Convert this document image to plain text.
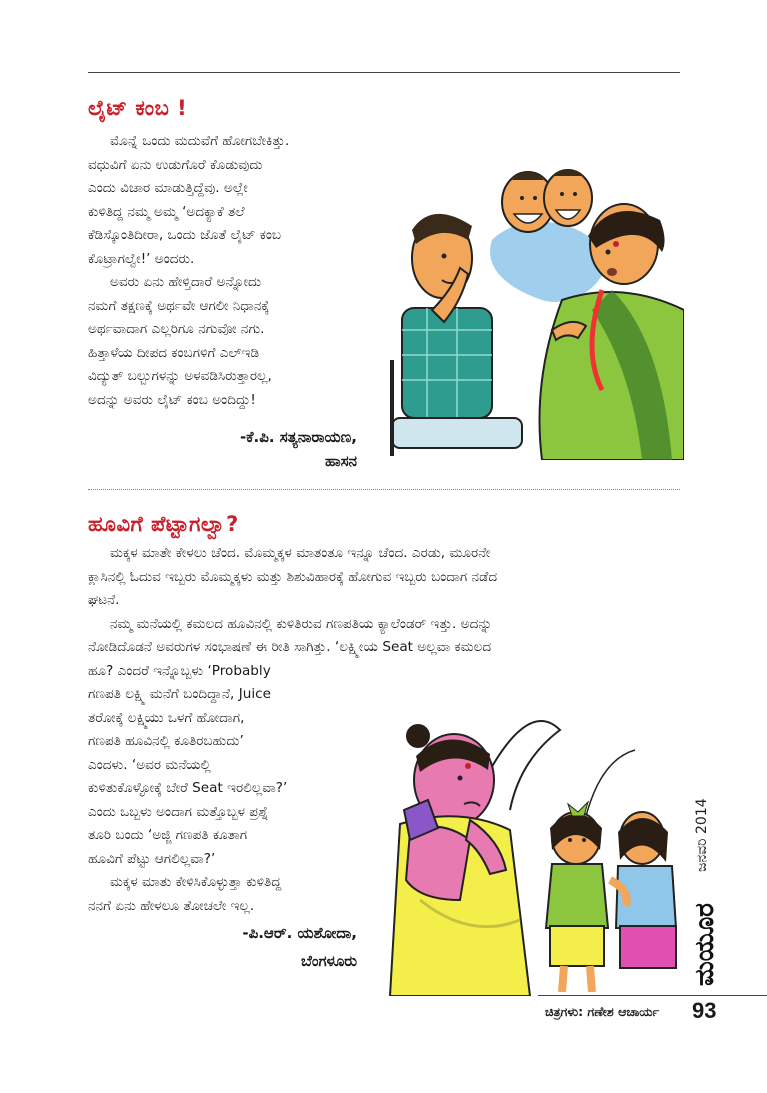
ಲೈಟ್ ಕಂಬ !
ಮೊನ್ನೆ ಒಂದು ಮದುವೆಗೆ ಹೋಗಬೇಕಿತ್ತು.
ವಧುವಿಗೆ ಏನು ಉಡುಗೊರೆ ಕೊಡುವುದು
ಎಂದು ವಿಚಾರ ಮಾಡುತ್ತಿದ್ದೆವು. ಅಲ್ಲೇ
ಕುಳಿತಿದ್ದ ನಮ್ಮ ಅಮ್ಮ ‘ಅದಕ್ಯಾಕೆ ತಲೆ
ಕೆಡಿಸ್ಕೊಂತಿದೀರಾ, ಒಂದು ಜೊತೆ ಲೈಟ್ ಕಂಬ
ಕೊಟ್ರಾಗಲ್ವೇ!’ ಅಂದರು.
ಅವರು ಏನು ಹೇಳ್ತಿದಾರೆ ಅನ್ನೋದು
ನಮಗೆ ತಕ್ಷಣಕ್ಕೆ ಅರ್ಥವೇ ಆಗಲೀ ನಿಧಾನಕ್ಕೆ
ಅರ್ಥವಾದಾಗ ಎಲ್ಲರಿಗೂ ನಗುವೋ ನಗು.
ಹಿತ್ತಾಳೆಯ ದೀಪದ ಕಂಬಗಳಿಗೆ ಎಲ್‌ಇಡಿ
ವಿದ್ಯುತ್ ಬಲ್ಬುಗಳನ್ನು ಅಳವಡಿಸಿರುತ್ತಾರಲ್ಲ,
ಅದನ್ನು ಅವರು ಲೈಟ್ ಕಂಬ ಅಂದಿದ್ದು!
-ಕೆ.ಪಿ. ಸತ್ಯನಾರಾಯಣ,
ಹಾಸನ
ಹೂವಿಗೆ ಪೆಟ್ಟಾಗಲ್ವಾ?
ಮಕ್ಕಳ ಮಾತೇ ಕೇಳಲು ಚೆಂದ. ಮೊಮ್ಮಕ್ಕಳ ಮಾತಂತೂ ಇನ್ನೂ ಚೆಂದ. ಎರಡು, ಮೂರನೇ
ಕ್ಲಾಸಿನಲ್ಲಿ ಓದುವ ಇಬ್ಬರು ಮೊಮ್ಮಕ್ಕಳು ಮತ್ತು ಶಿಶುವಿಹಾರಕ್ಕೆ ಹೋಗುವ ಇಬ್ಬರು ಬಂದಾಗ ನಡೆದ
ಘಟನೆ.
ನಮ್ಮ ಮನೆಯಲ್ಲಿ ಕಮಲದ ಹೂವಿನಲ್ಲಿ ಕುಳಿತಿರುವ ಗಣಪತಿಯ ಕ್ಯಾಲೆಂಡರ್ ಇತ್ತು. ಅದನ್ನು
ನೋಡಿದೊಡನೆ ಅವರುಗಳ ಸಂಭಾಷಣೆ ಈ ರೀತಿ ಸಾಗಿತ್ತು. ‘ಲಕ್ಷ್ಮೀಯ Seat ಅಲ್ಲವಾ ಕಮಲದ
ಹೂ? ಎಂದರೆ ಇನ್ನೊಬ್ಬಳು ‘Probably
ಗಣಪತಿ ಲಕ್ಷ್ಮಿ ಮನೆಗೆ ಬಂದಿದ್ದಾನೆ, Juice
ತರೋಕ್ಕೆ ಲಕ್ಷ್ಮಿಯು ಒಳಗೆ ಹೋದಾಗ,
ಗಣಪತಿ ಹೂವಿನಲ್ಲಿ ಕೂತಿರಬಹುದು’
ಎಂದಳು. ‘ಅವರ ಮನೆಯಲ್ಲಿ
ಕುಳಿತುಕೊಳ್ಳೋಕ್ಕೆ ಬೇರೆ Seat ಇರಲಿಲ್ಲವಾ?’
ಎಂದು ಒಬ್ಬಳು ಅಂದಾಗ ಮತ್ತೊಬ್ಬಳ ಪ್ರಶ್ನೆ
ತೂರಿ ಬಂದು ‘ಅಜ್ಜಿ ಗಣಪತಿ ಕೂತಾಗ
ಹೂವಿಗೆ ಪೆಟ್ಟು ಆಗಲಿಲ್ಲವಾ?’
ಮಕ್ಕಳ ಮಾತು ಕೇಳಿಸಿಕೊಳ್ಳುತ್ತಾ ಕುಳಿತಿದ್ದ
ನನಗೆ ಏನು ಹೇಳಲೂ ತೋಚಲೇ ಇಲ್ಲ.
-ಪಿ.ಆರ್. ಯಶೋದಾ,
ಬೆಂಗಳೂರು
ಜನವರಿ 2014
ಮಯೂರ
ಚಿತ್ರಗಳು: ಗಣೇಶ ಆಚಾರ್ಯ 93
